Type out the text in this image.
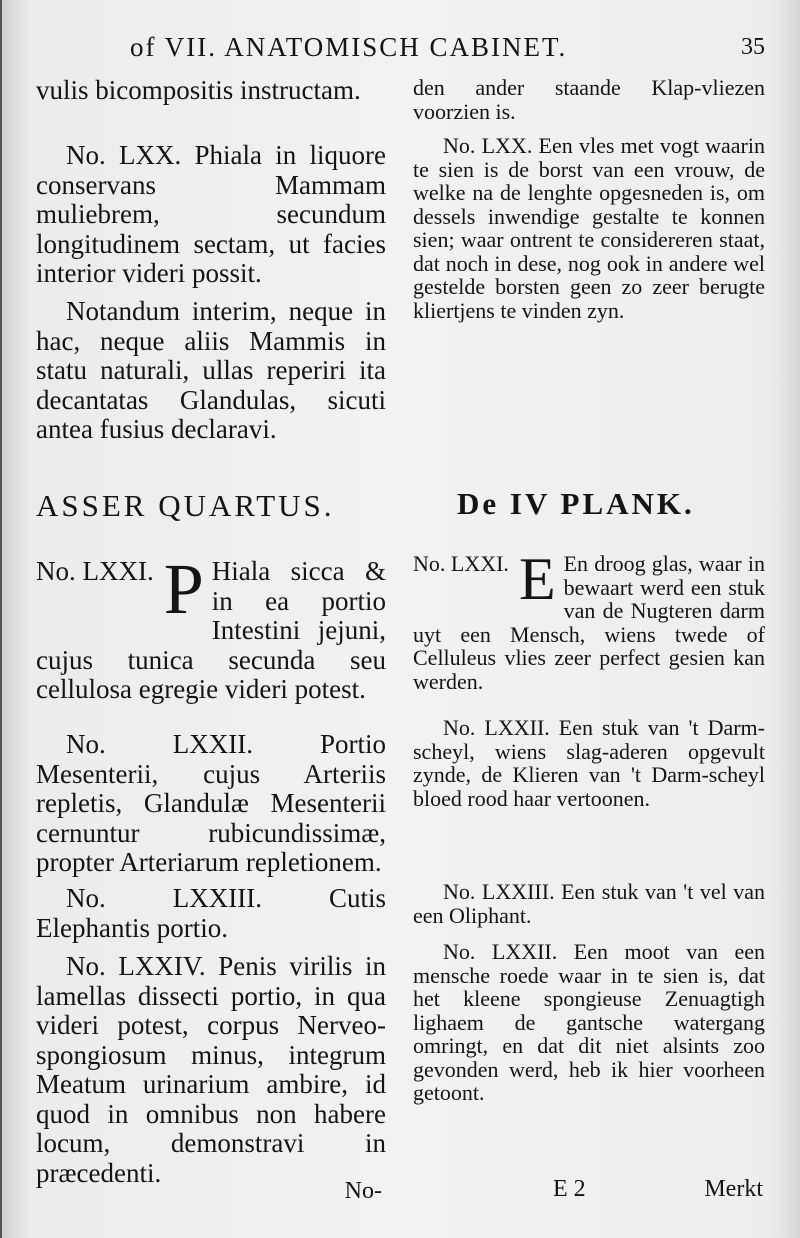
of VII. ANATOMISCH CABINET.	35
vulis bicompositis instructam.
No. LXX. Phiala in liquore conservans Mammam muliebrem, secundum longitudinem sectam, ut facies interior videri possit.
Notandum interim, neque in hac, neque aliis Mammis in statu naturali, ullas reperiri ita decantatas Glandulas, sicuti antea fusius declaravi.
ASSER QUARTUS.
No. LXXI. P Hiala sicca & in ea portio Intestini jejuni, cujus tunica secunda seu cellulosa egregie videri potest.
No. LXXII. Portio Mesenterii, cujus Arteriis repletis, Glandulæ Mesenterii cernuntur rubicundissimæ, propter Arteriarum repletionem.
No. LXXIII. Cutis Elephantis portio.
No. LXXIV. Penis virilis in lamellas dissecti portio, in qua videri potest, corpus Nerveo-spongiosum minus, integrum Meatum urinarium ambire, id quod in omnibus non habere locum, demonstravi in præcedenti.
No-
den ander staande Klap-vliezen voorzien is.
No. LXX. Een vles met vogt waarin te sien is de borst van een vrouw, de welke na de lenghte opgesneden is, om dessels inwendige gestalte te konnen sien; waar ontrent te considereren staat, dat noch in dese, nog ook in andere wel gestelde borsten geen zo zeer berugte kliertjens te vinden zyn.
De IV PLANK.
No. LXXI. E En droog glas, waar in bewaart werd een stuk van de Nugteren darm uyt een Mensch, wiens twede of Celluleus vlies zeer perfect gesien kan werden.
No. LXXII. Een stuk van 't Darm-scheyl, wiens slag-aderen opgevult zynde, de Klieren van 't Darm-scheyl bloed rood haar vertoonen.
No. LXXIII. Een stuk van 't vel van een Oliphant.
No. LXXII. Een moot van een mensche roede waar in te sien is, dat het kleene spongieuse Zenuagtigh lighaem de gantsche watergang omringt, en dat dit niet alsints zoo gevonden werd, heb ik hier voorheen getoont.
E 2	Merkt
